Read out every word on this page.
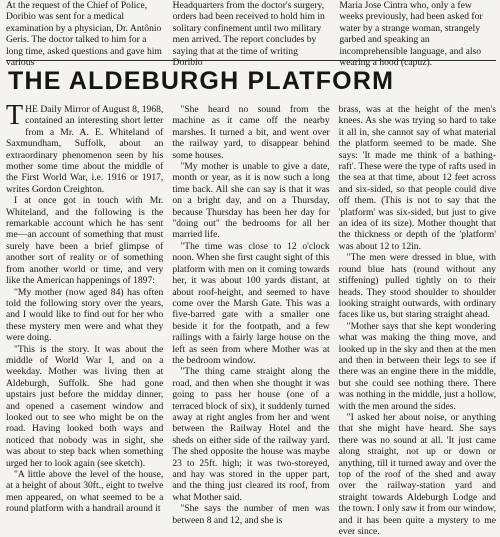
At the request of the Chief of Police, Doribio was sent for a medical examination by a physician, Dr. Antônio Geris. The doctor talked to him for a long time, asked questions and gave him various

Headquarters from the doctor's surgery, orders had been received to hold him in solitary confinement until two military men arrived. The report concludes by saying that at the time of writing Doribio

Maria Jose Cintra who, only a few weeks previously, had been asked for water by a strange woman, strangely garbed and speaking an incomprehensible language, and also wearing a hood (capuz).

THE ALDEBURGH PLATFORM

THE Daily Mirror of August 8, 1968, contained an interesting short letter from a Mr. A. E. Whiteland of Saxmundham, Suffolk, about an extraordinary phenomenon seen by his mother some time about the middle of the First World War, i.e. 1916 or 1917, writes Gordon Creighton.

I at once got in touch with Mr. Whiteland, and the following is the remarkable account which he has sent me—an account of something that must surely have been a brief glimpse of another sort of reality or of something from another world or time, and very like the American happenings of 1897:

"My mother (now aged 84) has often told the following story over the years, and I would like to find out for her who these mystery men were and what they were doing.

"This is the story. It was about the middle of World War I, and on a weekday. Mother was living then at Aldeburgh, Suffolk. She had gone upstairs just before the midday dinner, and opened a casement window and looked out to see who might be on the road. Having looked both ways and noticed that nobody was in sight, she was about to step back when something urged her to look again (see sketch).

"A little above the level of the house, at a height of about 30ft., eight to twelve men appeared, on what seemed to be a round platform with a handrail around it

"She heard no sound from the machine as it came off the nearby marshes. It turned a bit, and went over the railway yard, to disappear behind some houses.

"My mother is unable to give a date, month or year, as it is now such a long time back. All she can say is that it was on a bright day, and on a Thursday, because Thursday has been her day for "doing out" the bedrooms for all her married life.

"The time was close to 12 o'clock noon. When she first caught sight of this platform with men on it coming towards her, it was about 100 yards distant, at about roof-height, and seemed to have come over the Marsh Gate. This was a five-barred gate with a smaller one beside it for the footpath, and a few railings with a fairly large house on the left as seen from where Mother was at the bedroom window.

"The thing came straight along the road, and then when she thought it was going to pass her house (one of a terraced block of six), it suddenly turned away at right angles from her and went between the Railway Hotel and the sheds on either side of the railway yard. The shed opposite the house was maybe 23 to 25ft. high; it was two-storeyed, and hay was stored in the upper part, and the thing just cleared its roof, from what Mother said.

"She says the number of men was between 8 and 12, and she is

brass, was at the height of the men's knees. As she was trying so hard to take it all in, she cannot say of what material the platform seemed to be made. She says: 'It made me think of a bathing-raft'. These were the type of rafts used in the sea at that time, about 12 feet across and six-sided, so that people could dive off them. (This is not to say that the 'platform' was six-sided, but just to give an idea of its size). Mother thought that the thickness or depth of the 'platform' was about 12 to 12in.

"The men were dressed in blue, with round blue hats (round without any stiffening) pulled tightly on to their heads. They stood shoulder to shoulder looking straight outwards, with ordinary faces like us, but staring straight ahead.

"Mother says that she kept wondering what was making the thing move, and looked up in the sky and then at the men and then in between their legs to see if there was an engine there in the middle, but she could see nothing there. There was nothing in the middle, just a hollow, with the men around the sides.

"I asked her about noise, or anything that she might have heard. She says there was no sound at all. 'It just came along straight, not up or down or anything, till it turned away and over the top of the roof of the shed and away over the railway-station yard and straight towards Aldeburgh Lodge and the town. I only saw it from our window, and it has been quite a mystery to me ever since.
